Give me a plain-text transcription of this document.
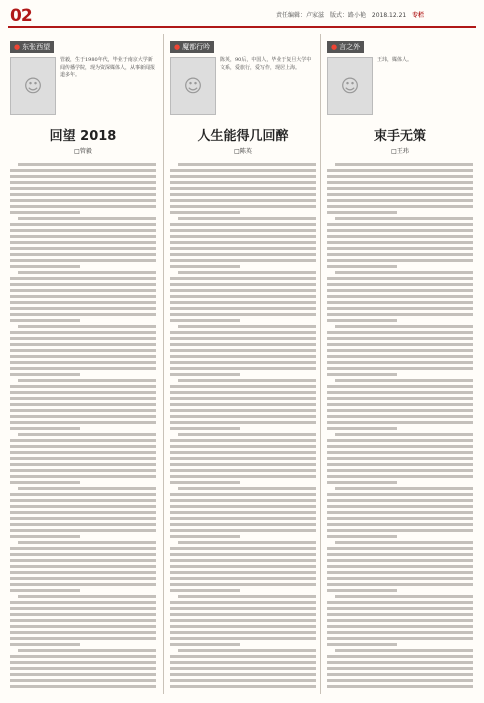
02	责任编辑：卢家滋 版式：路小艳 2018.12.21 专栏
● 东张西望
☺
管毅，生于1980年代，毕业于南京大学新闻传播学院，现为资深媒体人，从事新闻报道多年。
回望 2018
□管毅
● 魔都行吟
☺
陈英，90后，中国人，毕业于复旦大学中文系，爱旅行，爱写作，现居上海。
人生能得几回醉
□陈英
● 言之外
☺
王玮，媒体人。
束手无策
□王玮
